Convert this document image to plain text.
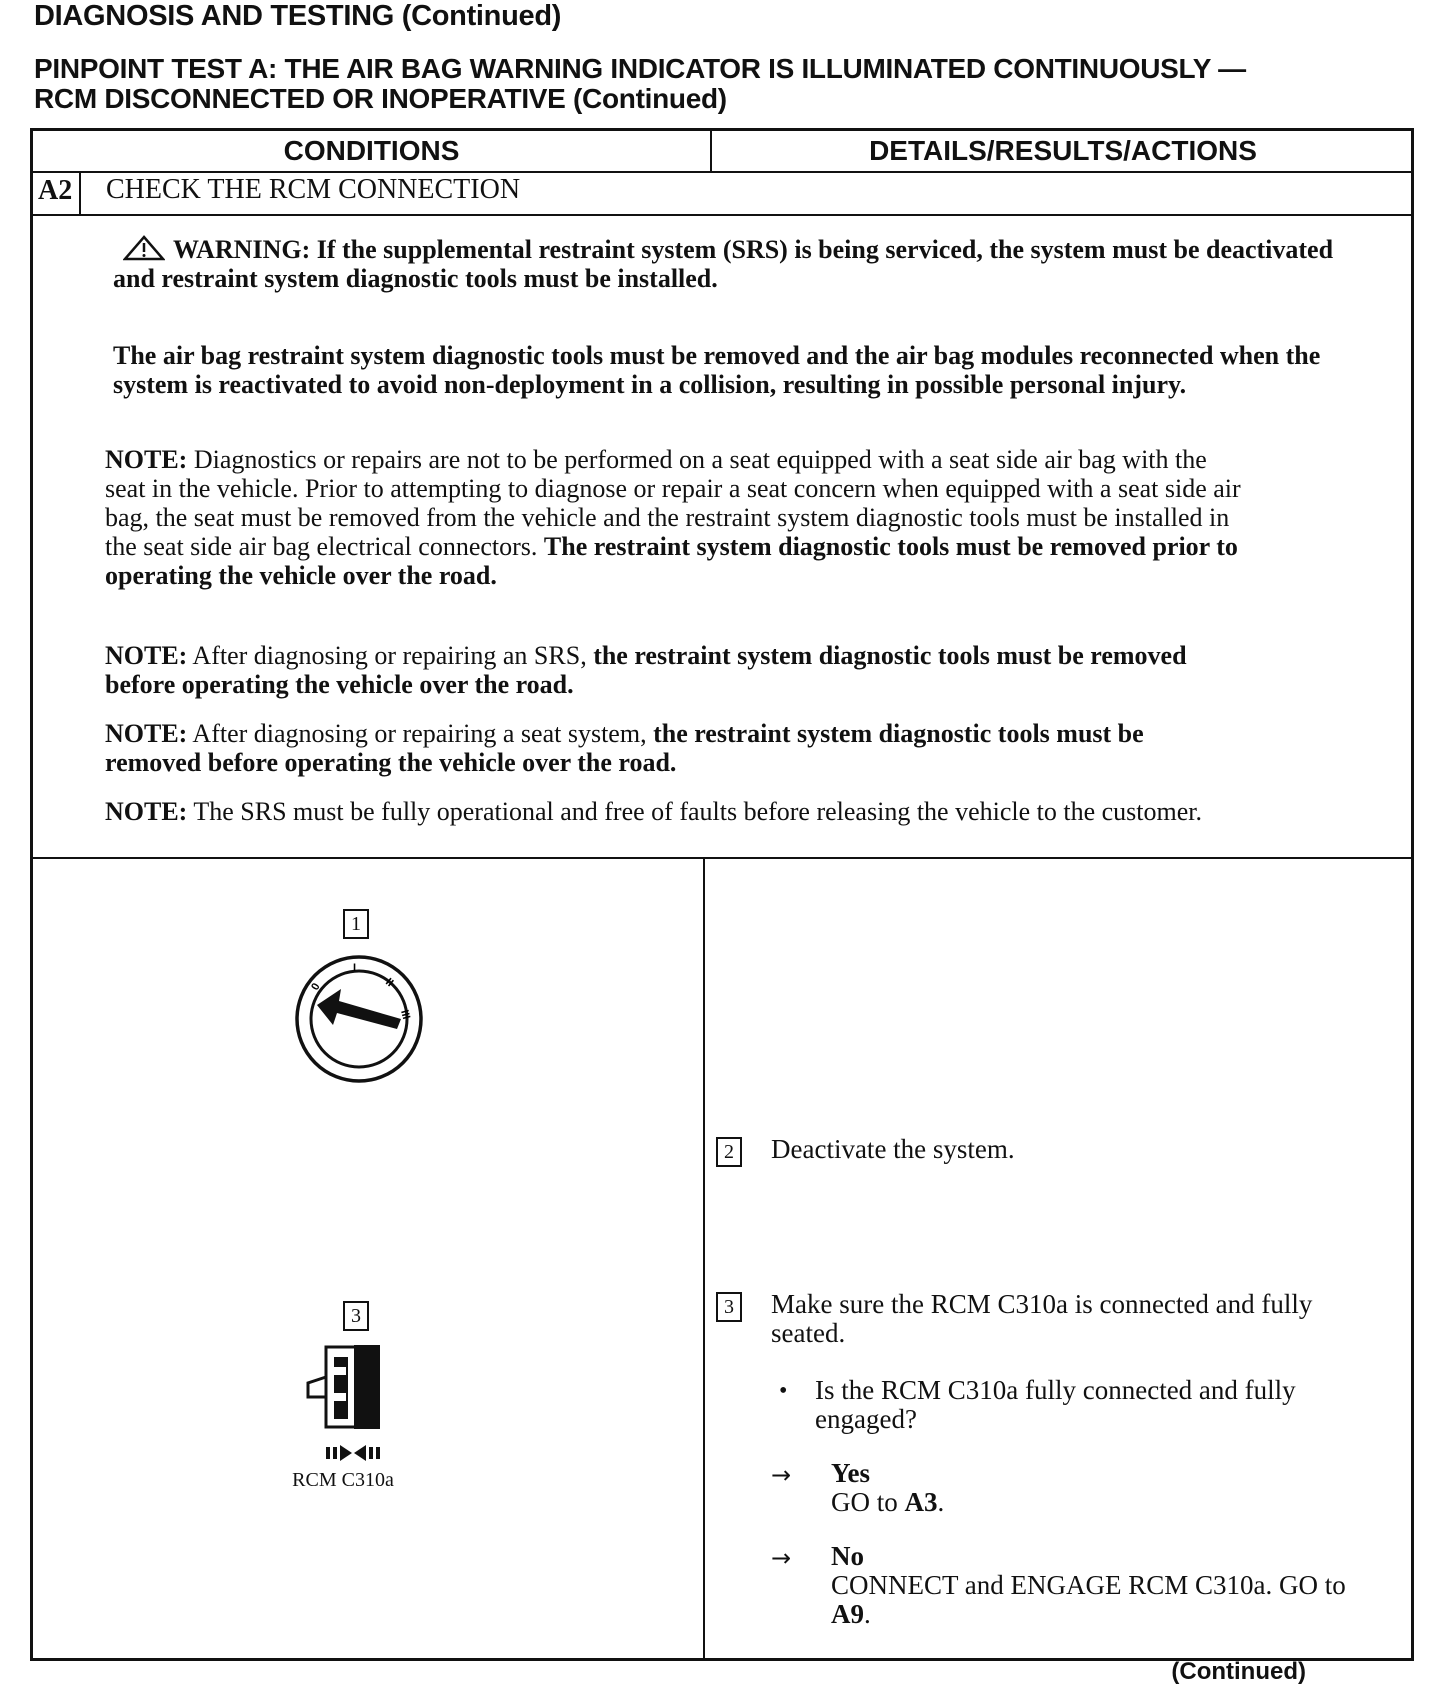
DIAGNOSIS AND TESTING (Continued)
PINPOINT TEST A: THE AIR BAG WARNING INDICATOR IS ILLUMINATED CONTINUOUSLY —
RCM DISCONNECTED OR INOPERATIVE (Continued)
CONDITIONS	DETAILS/RESULTS/ACTIONS
A2 CHECK THE RCM CONNECTION
WARNING: If the supplemental restraint system (SRS) is being serviced, the system must be deactivated and restraint system diagnostic tools must be installed.
The air bag restraint system diagnostic tools must be removed and the air bag modules reconnected when the system is reactivated to avoid non-deployment in a collision, resulting in possible personal injury.
NOTE: Diagnostics or repairs are not to be performed on a seat equipped with a seat side air bag with the seat in the vehicle. Prior to attempting to diagnose or repair a seat concern when equipped with a seat side air bag, the seat must be removed from the vehicle and the restraint system diagnostic tools must be installed in the seat side air bag electrical connectors. The restraint system diagnostic tools must be removed prior to operating the vehicle over the road.
NOTE: After diagnosing or repairing an SRS, the restraint system diagnostic tools must be removed before operating the vehicle over the road.
NOTE: After diagnosing or repairing a seat system, the restraint system diagnostic tools must be removed before operating the vehicle over the road.
NOTE: The SRS must be fully operational and free of faults before releasing the vehicle to the customer.
1
0
I
II
III
3
RCM C310a
2 Deactivate the system.
3 Make sure the RCM C310a is connected and fully seated.
• Is the RCM C310a fully connected and fully engaged?
→ Yes
GO to A3.
→ No
CONNECT and ENGAGE RCM C310a. GO to A9.
(Continued)
